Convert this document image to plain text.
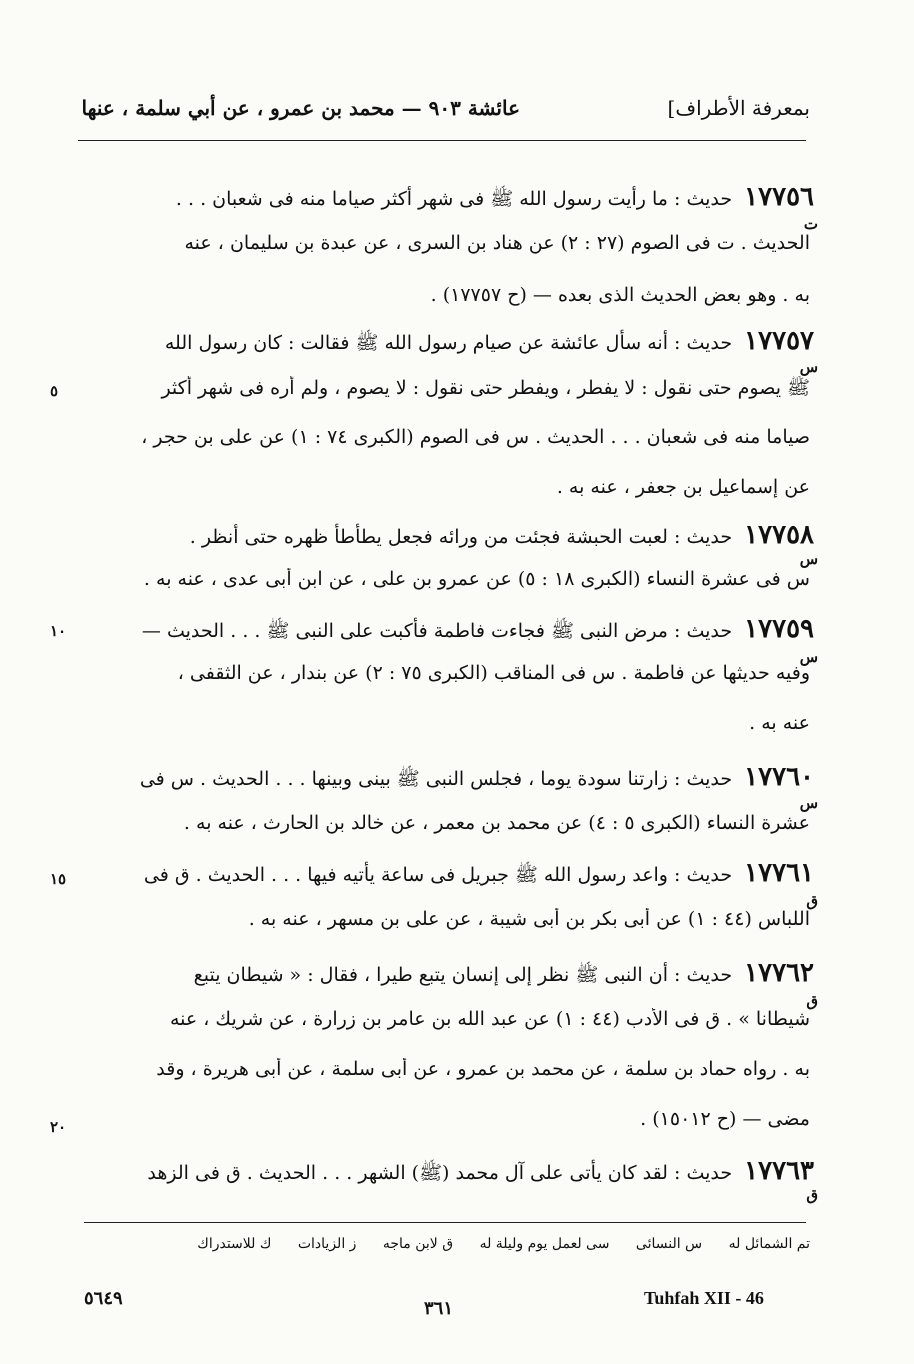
بمعرفة الأطراف]
عائشة ٩٠٣ — محمد بن عمرو ، عن أبي سلمة ، عنها
١٧٧٥٦ حديث : ما رأيت رسول الله ﷺ فى شهر أكثر صياما منه فى شعبان . . .
الحديث . ت فى الصوم (٢٧ : ٢) عن هناد بن السرى ، عن عبدة بن سليمان ، عنه
به . وهو بعض الحديث الذى بعده — (ح ١٧٧٥٧) .
ت
١٧٧٥٧ حديث : أنه سأل عائشة عن صيام رسول الله ﷺ فقالت : كان رسول الله
ﷺ يصوم حتى نقول : لا يفطر ، ويفطر حتى نقول : لا يصوم ، ولم أره فى شهر أكثر
صياما منه فى شعبان . . . الحديث . س فى الصوم (الكبرى ٧٤ : ١) عن على بن حجر ،
عن إسماعيل بن جعفر ، عنه به .
س
١٧٧٥٨ حديث : لعبت الحبشة فجئت من ورائه فجعل يطأطأ ظهره حتى أنظر .
س فى عشرة النساء (الكبرى ١٨ : ٥) عن عمرو بن على ، عن ابن أبى عدى ، عنه به .
س
١٧٧٥٩ حديث : مرض النبى ﷺ فجاءت فاطمة فأكبت على النبى ﷺ . . . الحديث —
وفيه حديثها عن فاطمة . س فى المناقب (الكبرى ٧٥ : ٢) عن بندار ، عن الثقفى ،
عنه به .
س
١٧٧٦٠ حديث : زارتنا سودة يوما ، فجلس النبى ﷺ بينى وبينها . . . الحديث . س فى
عشرة النساء (الكبرى ٥ : ٤) عن محمد بن معمر ، عن خالد بن الحارث ، عنه به .
س
١٧٧٦١ حديث : واعد رسول الله ﷺ جبريل فى ساعة يأتيه فيها . . . الحديث . ق فى
اللباس (٤٤ : ١) عن أبى بكر بن أبى شيبة ، عن على بن مسهر ، عنه به .
ق
١٧٧٦٢ حديث : أن النبى ﷺ نظر إلى إنسان يتبع طيرا ، فقال : « شيطان يتبع
شيطانا » . ق فى الأدب (٤٤ : ١) عن عبد الله بن عامر بن زرارة ، عن شريك ، عنه
به . رواه حماد بن سلمة ، عن محمد بن عمرو ، عن أبى سلمة ، عن أبى هريرة ، وقد
مضى — (ح ١٥٠١٢) .
ق
١٧٧٦٣ حديث : لقد كان يأتى على آل محمد (ﷺ) الشهر . . . الحديث . ق فى الزهد
ق
٥
١٠
١٥
٢٠
تم الشمائل له س النسائى سى لعمل يوم وليلة له ق لابن ماجه ز الزيادات ك للاستدراك
٥٦٤٩	٣٦١	Tuhfah XII - 46
